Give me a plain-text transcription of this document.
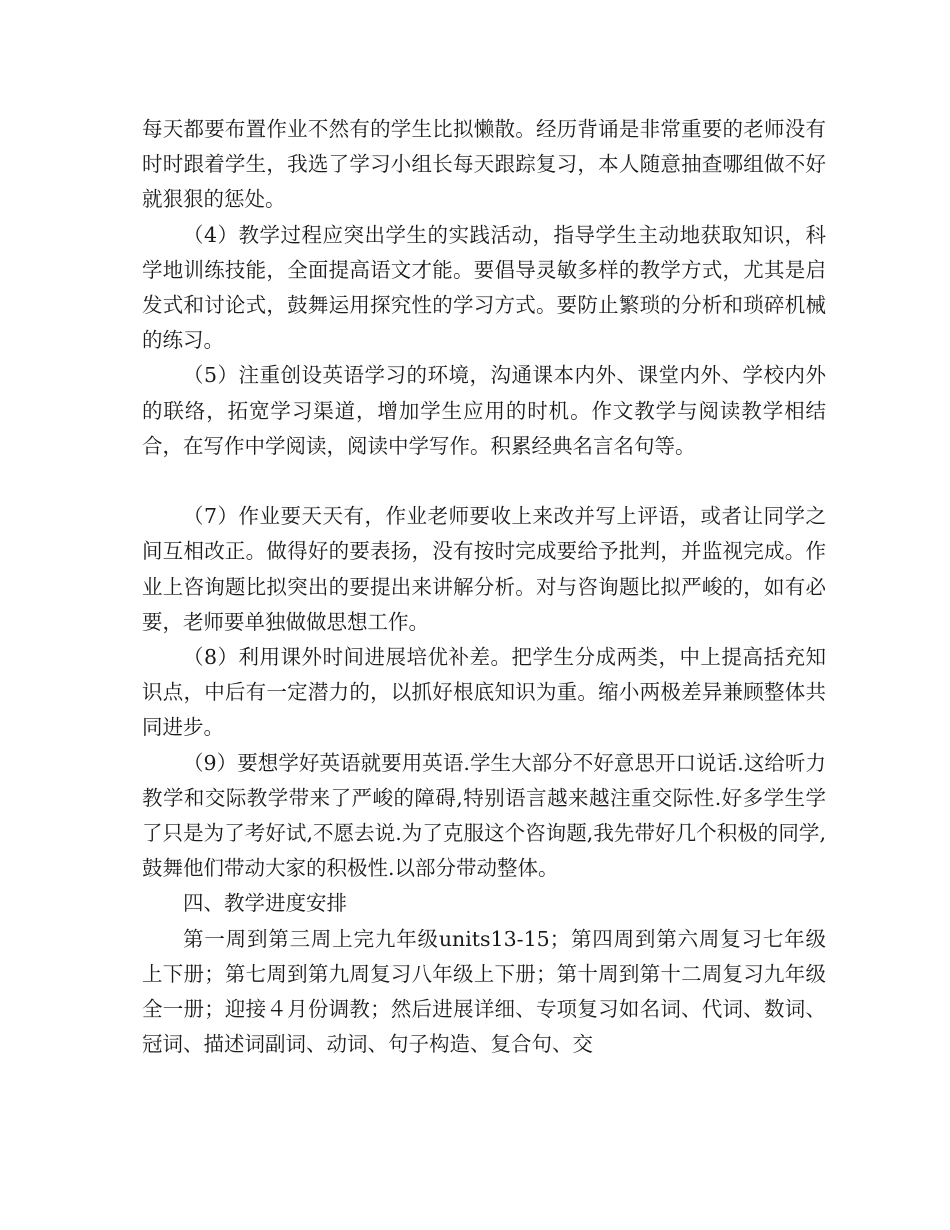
每天都要布置作业不然有的学生比拟懒散。经历背诵是非常重要的老师没有时时跟着学生，我选了学习小组长每天跟踪复习，本人随意抽查哪组做不好就狠狠的惩处。

（4）教学过程应突出学生的实践活动，指导学生主动地获取知识，科学地训练技能，全面提高语文才能。要倡导灵敏多样的教学方式，尤其是启发式和讨论式，鼓舞运用探究性的学习方式。要防止繁琐的分析和琐碎机械的练习。

（5）注重创设英语学习的环境，沟通课本内外、课堂内外、学校内外的联络，拓宽学习渠道，增加学生应用的时机。作文教学与阅读教学相结合，在写作中学阅读，阅读中学写作。积累经典名言名句等。

（7）作业要天天有，作业老师要收上来改并写上评语，或者让同学之间互相改正。做得好的要表扬，没有按时完成要给予批判，并监视完成。作业上咨询题比拟突出的要提出来讲解分析。对与咨询题比拟严峻的，如有必要，老师要单独做做思想工作。

（8）利用课外时间进展培优补差。把学生分成两类，中上提高括充知识点，中后有一定潜力的，以抓好根底知识为重。缩小两极差异兼顾整体共同进步。

（9）要想学好英语就要用英语.学生大部分不好意思开口说话.这给听力教学和交际教学带来了严峻的障碍,特别语言越来越注重交际性.好多学生学了只是为了考好试,不愿去说.为了克服这个咨询题,我先带好几个积极的同学,鼓舞他们带动大家的积极性.以部分带动整体。

四、教学进度安排

第一周到第三周上完九年级units13-15；第四周到第六周复习七年级上下册；第七周到第九周复习八年级上下册；第十周到第十二周复习九年级全一册；迎接４月份调教；然后进展详细、专项复习如名词、代词、数词、冠词、描述词副词、动词、句子构造、复合句、交
